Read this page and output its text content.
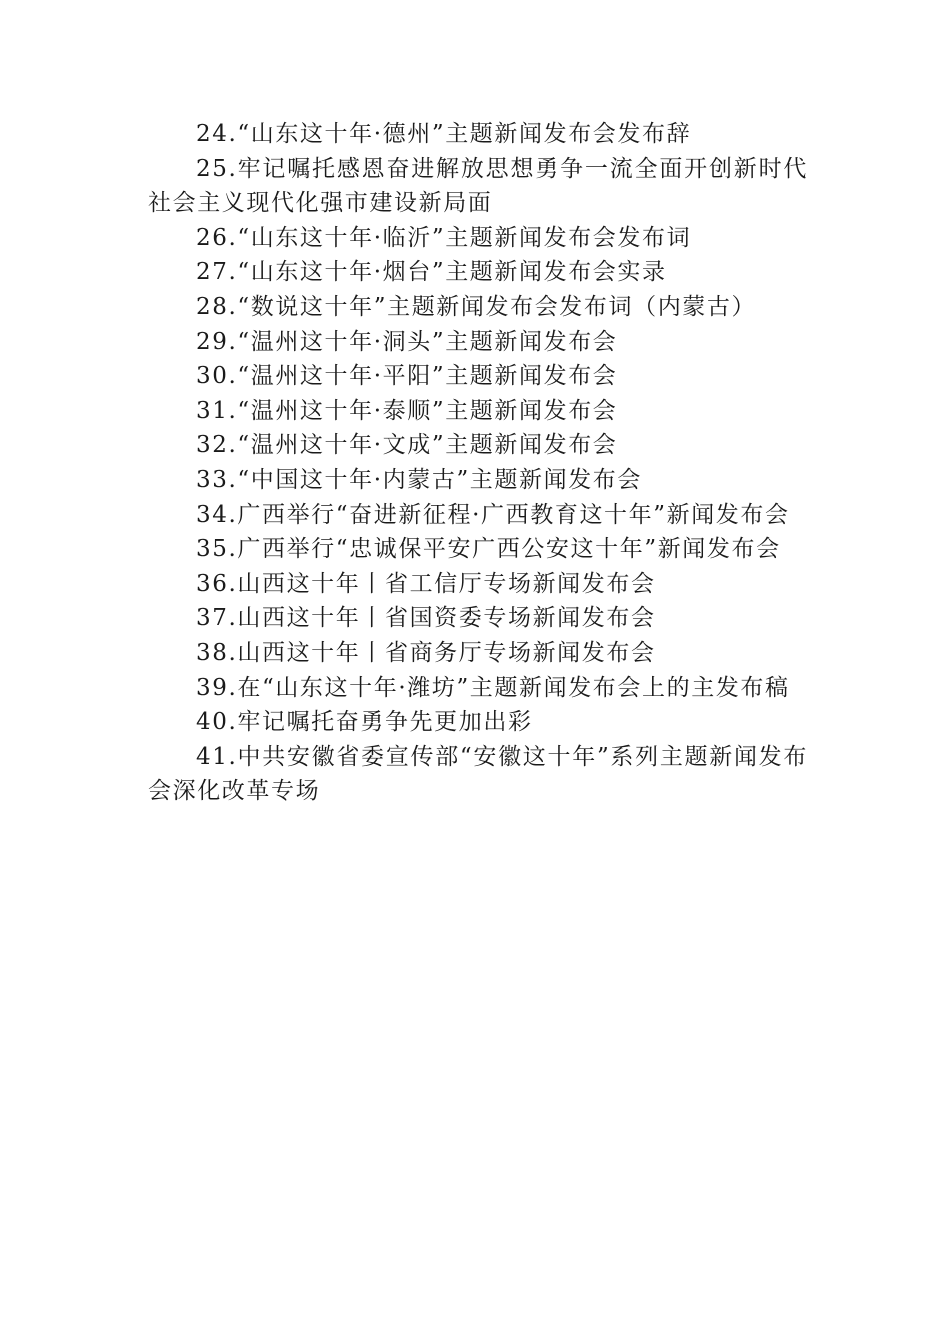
24.“山东这十年·德州”主题新闻发布会发布辞

25.牢记嘱托感恩奋进解放思想勇争一流全面开创新时代社会主义现代化强市建设新局面

26.“山东这十年·临沂”主题新闻发布会发布词

27.“山东这十年·烟台”主题新闻发布会实录

28.“数说这十年”主题新闻发布会发布词（内蒙古）

29.“温州这十年·洞头”主题新闻发布会

30.“温州这十年·平阳”主题新闻发布会

31.“温州这十年·泰顺”主题新闻发布会

32.“温州这十年·文成”主题新闻发布会

33.“中国这十年·内蒙古”主题新闻发布会

34.广西举行“奋进新征程·广西教育这十年”新闻发布会

35.广西举行“忠诚保平安广西公安这十年”新闻发布会

36.山西这十年丨省工信厅专场新闻发布会

37.山西这十年丨省国资委专场新闻发布会

38.山西这十年丨省商务厅专场新闻发布会

39.在“山东这十年·潍坊”主题新闻发布会上的主发布稿

40.牢记嘱托奋勇争先更加出彩

41.中共安徽省委宣传部“安徽这十年”系列主题新闻发布会深化改革专场
